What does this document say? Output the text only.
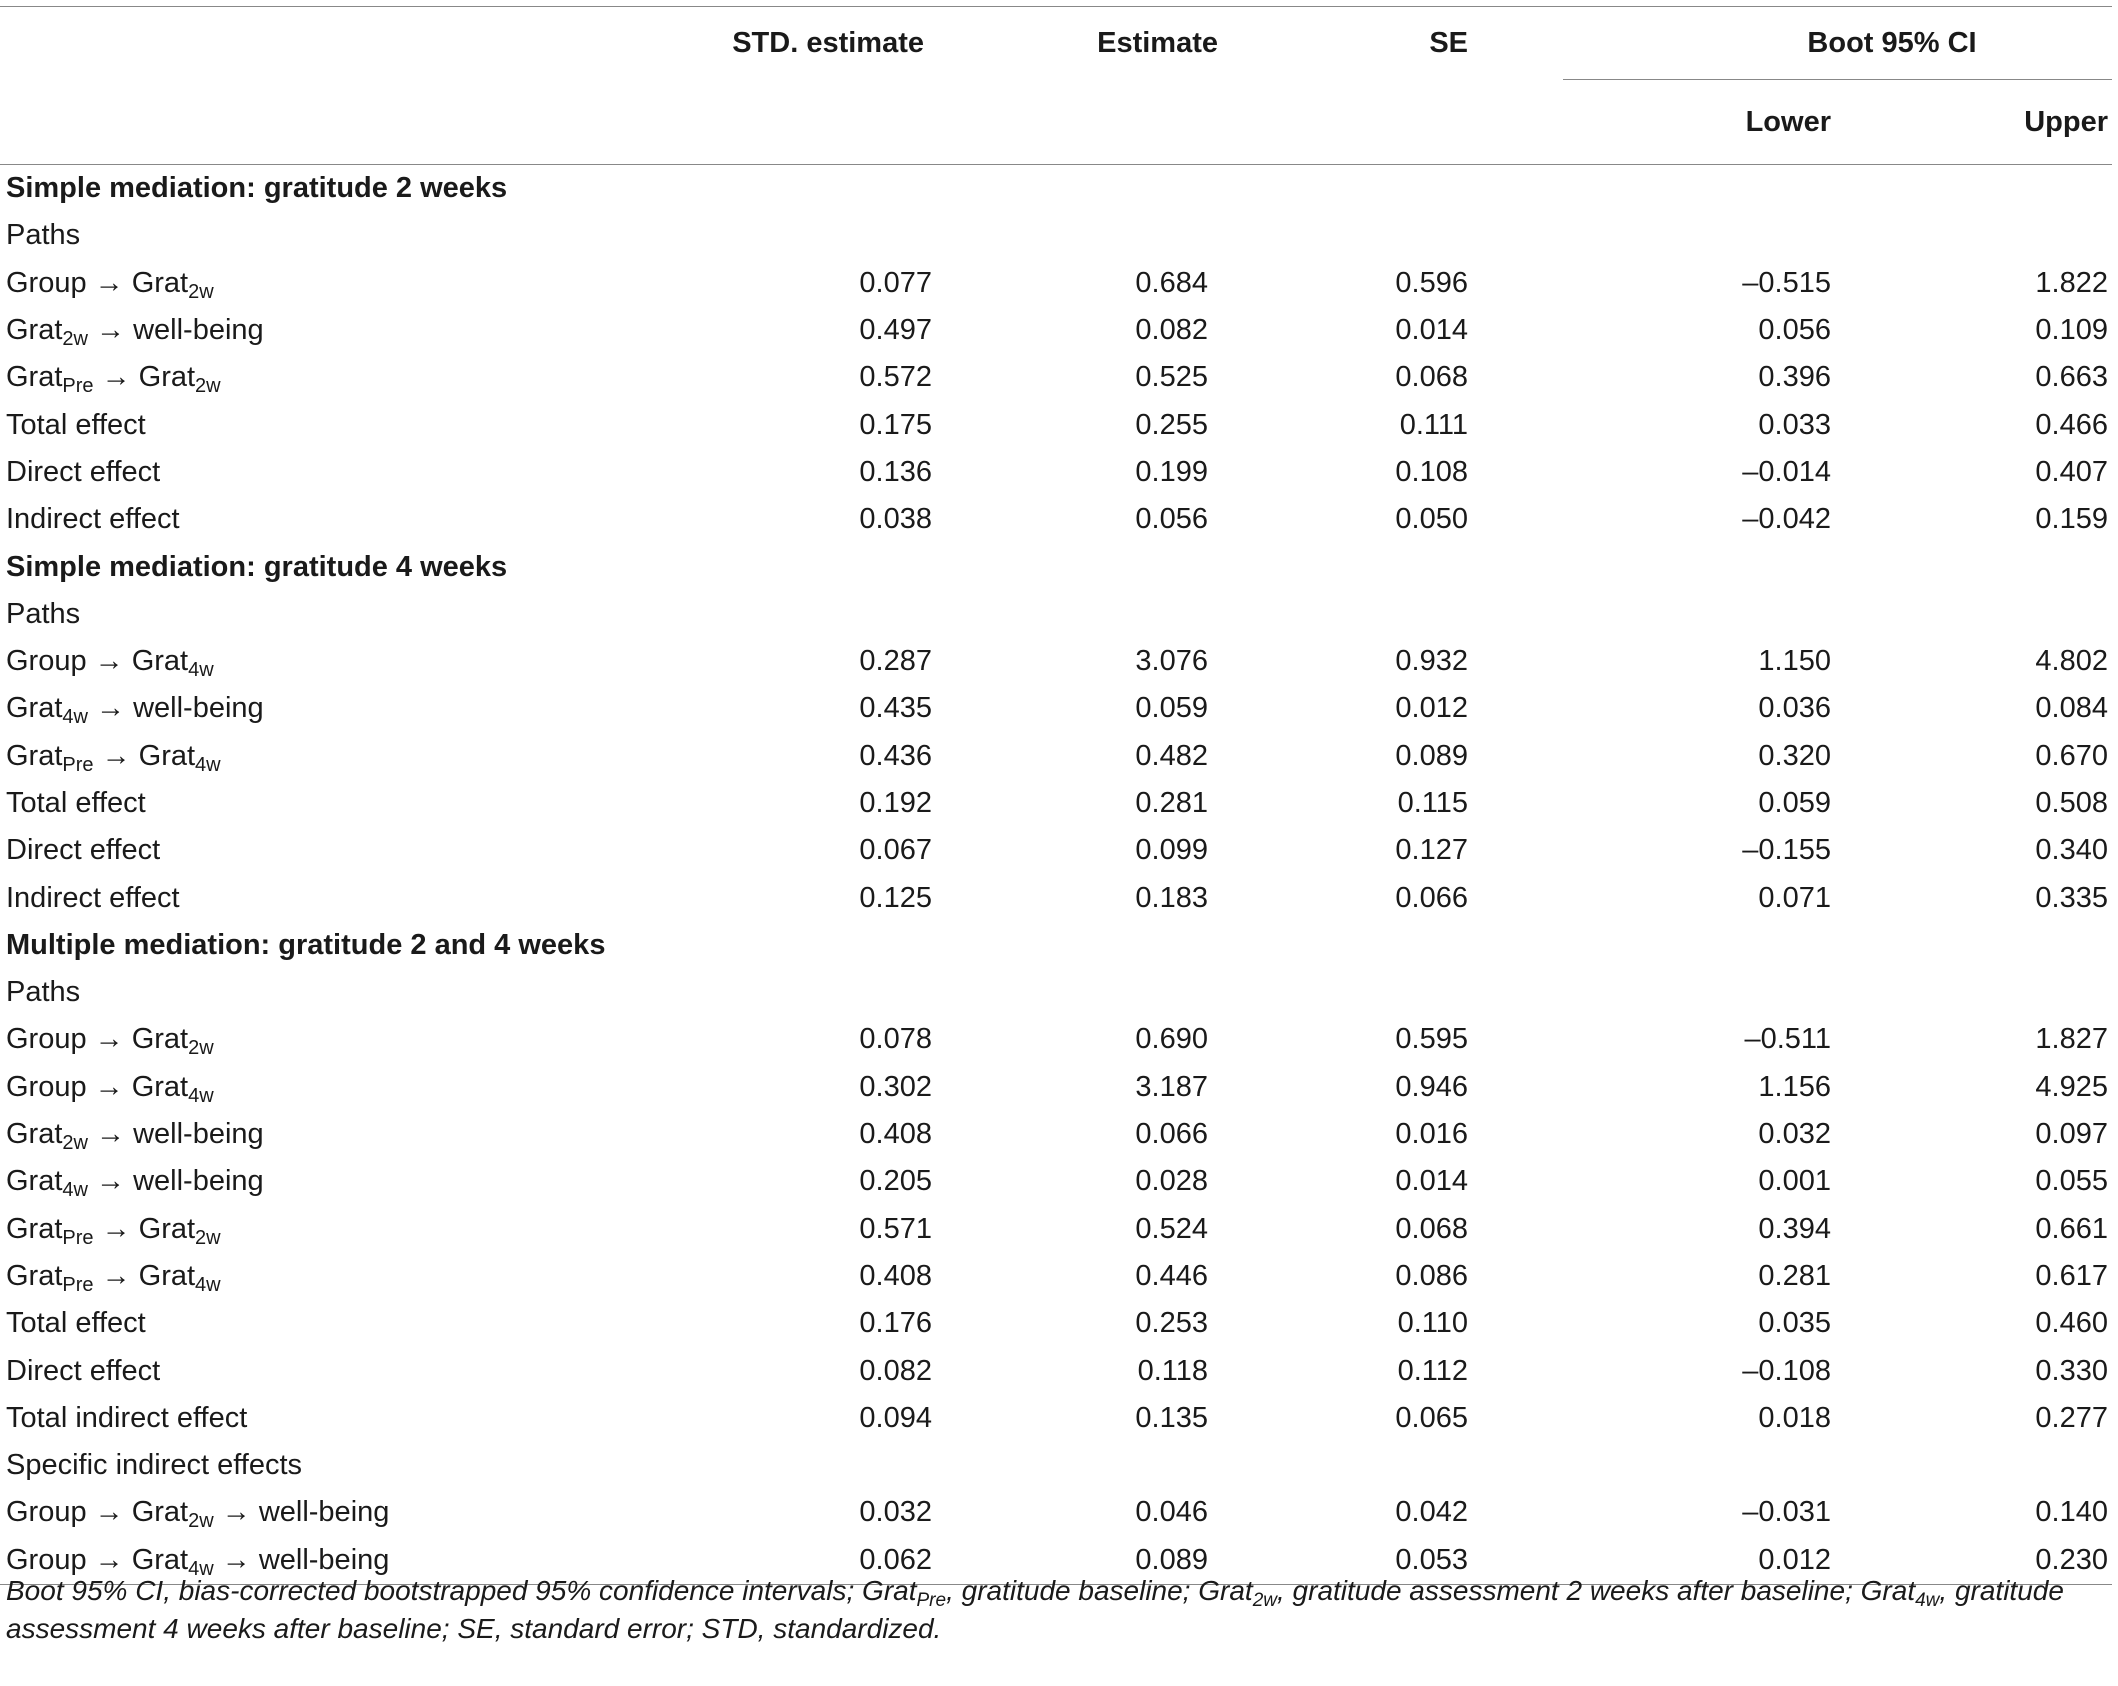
	STD. estimate	Estimate	SE	Boot 95% CI	
				Lower	Upper
Simple mediation: gratitude 2 weeks					
Paths					
Group → Grat$_{2w}$	0.077	0.684	0.596	–0.515	1.822
Grat$_{2w}$ → well-being	0.497	0.082	0.014	0.056	0.109
Grat$_{Pre}$ → Grat$_{2w}$	0.572	0.525	0.068	0.396	0.663
Total effect	0.175	0.255	0.111	0.033	0.466
Direct effect	0.136	0.199	0.108	–0.014	0.407
Indirect effect	0.038	0.056	0.050	–0.042	0.159
Simple mediation: gratitude 4 weeks					
Paths					
Group → Grat$_{4w}$	0.287	3.076	0.932	1.150	4.802
Grat$_{4w}$ → well-being	0.435	0.059	0.012	0.036	0.084
Grat$_{Pre}$ → Grat$_{4w}$	0.436	0.482	0.089	0.320	0.670
Total effect	0.192	0.281	0.115	0.059	0.508
Direct effect	0.067	0.099	0.127	–0.155	0.340
Indirect effect	0.125	0.183	0.066	0.071	0.335
Multiple mediation: gratitude 2 and 4 weeks					
Paths					
Group → Grat$_{2w}$	0.078	0.690	0.595	–0.511	1.827
Group → Grat$_{4w}$	0.302	3.187	0.946	1.156	4.925
Grat$_{2w}$ → well-being	0.408	0.066	0.016	0.032	0.097
Grat$_{4w}$ → well-being	0.205	0.028	0.014	0.001	0.055
Grat$_{Pre}$ → Grat$_{2w}$	0.571	0.524	0.068	0.394	0.661
Grat$_{Pre}$ → Grat$_{4w}$	0.408	0.446	0.086	0.281	0.617
Total effect	0.176	0.253	0.110	0.035	0.460
Direct effect	0.082	0.118	0.112	–0.108	0.330
Total indirect effect	0.094	0.135	0.065	0.018	0.277
Specific indirect effects					
Group → Grat$_{2w}$ → well-being	0.032	0.046	0.042	–0.031	0.140
Group → Grat$_{4w}$ → well-being	0.062	0.089	0.053	0.012	0.230
Boot 95% CI, bias-corrected bootstrapped 95% confidence intervals; Grat$_{Pre}$, gratitude baseline; Grat$_{2w}$, gratitude assessment 2 weeks after baseline; Grat$_{4w}$, gratitude assessment 4 weeks after baseline; SE, standard error; STD, standardized.
